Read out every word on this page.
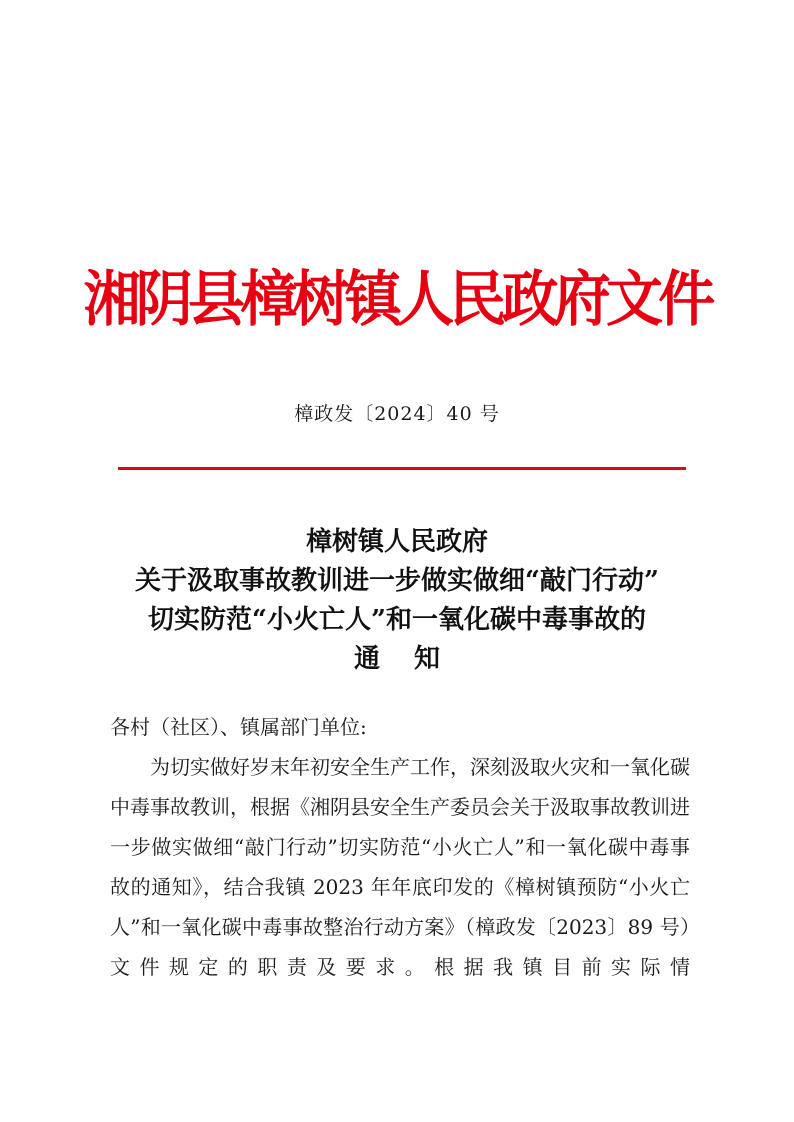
湘阴县樟树镇人民政府文件
樟政发〔2024〕40 号
樟树镇人民政府
关于汲取事故教训进一步做实做细“敲门行动”
切实防范“小火亡人”和一氧化碳中毒事故的
通知
各村（社区）、镇属部门单位:
为切实做好岁末年初安全生产工作，深刻汲取火灾和一氧化碳中毒事故教训，根据《湘阴县安全生产委员会关于汲取事故教训进一步做实做细“敲门行动”切实防范“小火亡人”和一氧化碳中毒事故的通知》，结合我镇 2023 年年底印发的《樟树镇预防“小火亡人”和一氧化碳中毒事故整治行动方案》（樟政发〔2023〕89 号）文件规定的职责及要求。根据我镇目前实际情
